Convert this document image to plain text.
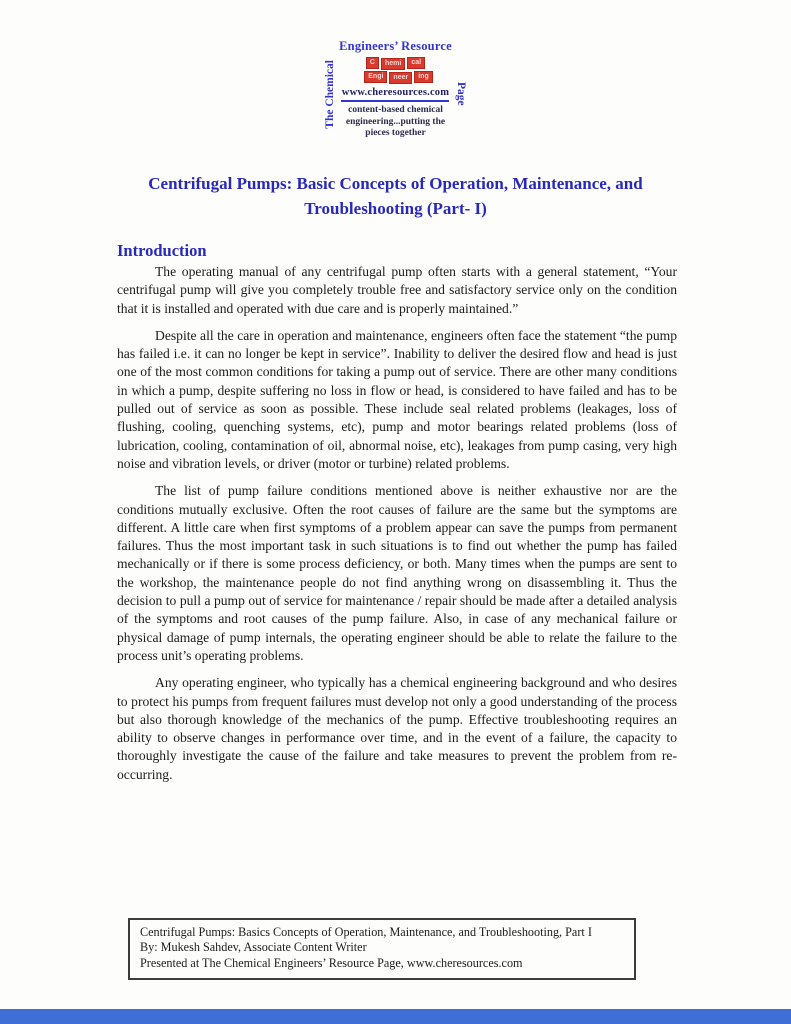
The Chemical
Engineers’ Resource
C	hemi	cal
Engi	neer	ing
www.cheresources.com
content-based chemical
engineering...putting the
pieces together
Page
Centrifugal Pumps: Basic Concepts of Operation, Maintenance, and
Troubleshooting (Part- I)
Introduction

The operating manual of any centrifugal pump often starts with a general statement, “Your centrifugal pump will give you completely trouble free and satisfactory service only on the condition that it is installed and operated with due care and is properly maintained.”

Despite all the care in operation and maintenance, engineers often face the statement “the pump has failed i.e. it can no longer be kept in service”. Inability to deliver the desired flow and head is just one of the most common conditions for taking a pump out of service. There are other many conditions in which a pump, despite suffering no loss in flow or head, is considered to have failed and has to be pulled out of service as soon as possible. These include seal related problems (leakages, loss of flushing, cooling, quenching systems, etc), pump and motor bearings related problems (loss of lubrication, cooling, contamination of oil, abnormal noise, etc), leakages from pump casing, very high noise and vibration levels, or driver (motor or turbine) related problems.

The list of pump failure conditions mentioned above is neither exhaustive nor are the conditions mutually exclusive. Often the root causes of failure are the same but the symptoms are different. A little care when first symptoms of a problem appear can save the pumps from permanent failures. Thus the most important task in such situations is to find out whether the pump has failed mechanically or if there is some process deficiency, or both. Many times when the pumps are sent to the workshop, the maintenance people do not find anything wrong on disassembling it. Thus the decision to pull a pump out of service for maintenance / repair should be made after a detailed analysis of the symptoms and root causes of the pump failure. Also, in case of any mechanical failure or physical damage of pump internals, the operating engineer should be able to relate the failure to the process unit’s operating problems.

Any operating engineer, who typically has a chemical engineering background and who desires to protect his pumps from frequent failures must develop not only a good understanding of the process but also thorough knowledge of the mechanics of the pump. Effective troubleshooting requires an ability to observe changes in performance over time, and in the event of a failure, the capacity to thoroughly investigate the cause of the failure and take measures to prevent the problem from re-occurring.

Centrifugal Pumps: Basics Concepts of Operation, Maintenance, and Troubleshooting, Part I
By: Mukesh Sahdev, Associate Content Writer
Presented at The Chemical Engineers’ Resource Page, www.cheresources.com
